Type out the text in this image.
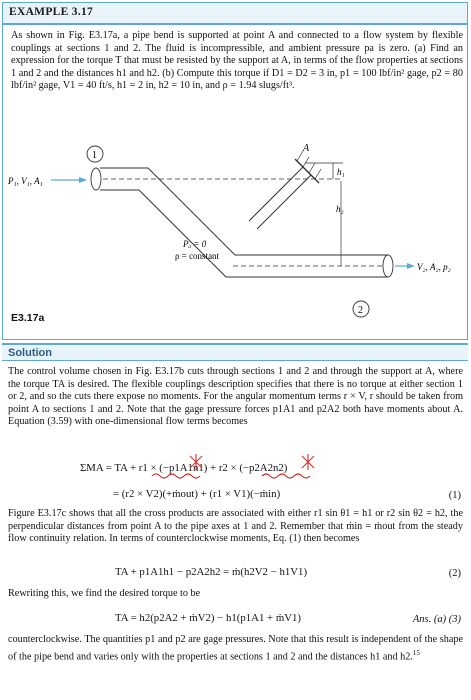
EXAMPLE 3.17

As shown in Fig. E3.17a, a pipe bend is supported at point A and connected to a flow system by flexible couplings at sections 1 and 2. The fluid is incompressible, and ambient pressure pa is zero. (a) Find an expression for the torque T that must be resisted by the support at A, in terms of the flow properties at sections 1 and 2 and the distances h1 and h2. (b) Compute this torque if D1 = D2 = 3 in, p1 = 100 lbf/in² gage, p2 = 80 lbf/in² gage, V1 = 40 ft/s, h1 = 2 in, h2 = 10 in, and ρ = 1.94 slugs/ft³.

P₁, V₁, A₁
1
A
h₁
h₂
Pₐ = 0
ρ = constant
2
V₂, A₂, p₂
E3.17a
Solution

The control volume chosen in Fig. E3.17b cuts through sections 1 and 2 and through the support at A, where the torque TA is desired. The flexible couplings description specifies that there is no torque at either section 1 or 2, and so the cuts there expose no moments. For the angular momentum terms r × V, r should be taken from point A to sections 1 and 2. Note that the gage pressure forces p1A1 and p2A2 both have moments about A. Equation (3.59) with one-dimensional flow terms becomes

ΣMA = TA + r1 × (−p1A1n1) + r2 × (−p2A2n2)
= (r2 × V2)(+ṁout) + (r1 × V1)(−ṁin)	(1)

Figure E3.17c shows that all the cross products are associated with either r1 sin θ1 = h1 or r2 sin θ2 = h2, the perpendicular distances from point A to the pipe axes at 1 and 2. Remember that ṁin = ṁout from the steady flow continuity relation. In terms of counterclockwise moments, Eq. (1) then becomes

TA + p1A1h1 − p2A2h2 = ṁ(h2V2 − h1V1)	(2)

Rewriting this, we find the desired torque to be

TA = h2(p2A2 + ṁV2) − h1(p1A1 + ṁV1)	Ans. (a) (3)

counterclockwise. The quantities p1 and p2 are gage pressures. Note that this result is independent of the shape of the pipe bend and varies only with the properties at sections 1 and 2 and the distances h1 and h2.15
